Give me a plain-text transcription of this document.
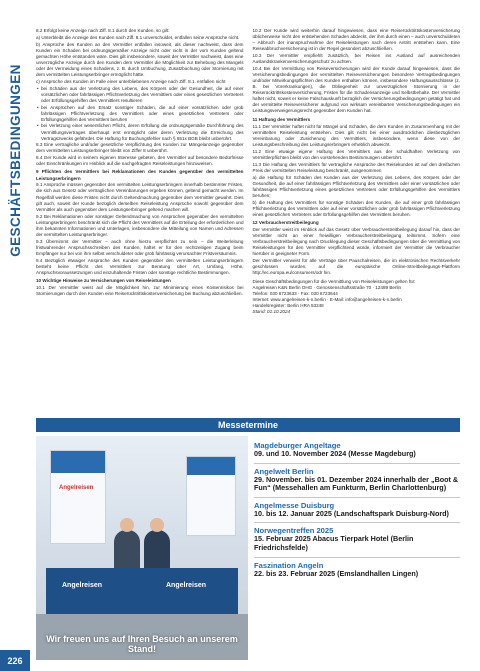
GESCHÄFTSBEDINGUNGEN

8.2 Erfolgt keine Anzeige nach Ziff. 8.1 durch den Kunden, so gilt:

a) Unterbleibt die Anzeige des Kunden nach Ziff. 8.1 unverschuldet, entfallen seine Ansprüche nicht.

b) Ansprüche des Kunden an den Vermittler entfallen insoweit, als dieser nachweist, dass dem Kunden ein Schaden bei ordnungsgemäßer Anzeige nicht oder nicht in der vom Kunden geltend gemachten Höhe entstanden wäre. Dies gilt insbesondere, soweit der Vermittler nachweist, dass eine unverzügliche Anzeige durch den Kunden dem Vermittler die Möglichkeit zur Behebung des Mangels oder der Vermeidung eines Schadens, z. B. durch Umbuchung, Zusatzbuchung oder Stornierung mit dem vermittelten Leistungserbringer ermöglicht hätte.

c) Ansprüche des Kunden im Falle einer unterbliebenen Anzeige nach Ziff. 8.1. entfallen nicht

• bei Schäden aus der Verletzung des Lebens, des Körpers oder der Gesundheit, die auf einer vorsätzlichen oder fahrlässigen Pflichtverletzung des Vermittlers oder eines gesetzlichen Vertreters oder Erfüllungsgehilfen des Vermittlers resultieren
• bei Ansprüchen auf den Ersatz sonstiger Schäden, die auf einer vorsätzlichen oder grob fahrlässigen Pflichtverletzung des Vermittlers oder eines gesetzlichen Vertreters oder Erfüllungsgehilfen des Vermittlers beruhen
• bei Verletzung einer wesentlichen Pflicht, deren Erfüllung die ordnungsgemäße Durchführung des Vermittlungsvertrages überhaupt erst ermöglicht oder deren Verletzung die Erreichung des Vertragszwecks gefährdet. Die Haftung für Buchungsfehler nach § 651x BGB bleibt unberührt.

8.3 Eine vertragliche und/oder gesetzliche Verpflichtung des Kunden zur Mängelanzeige gegenüber dem vermittelten Leistungserbringer bleibt von Ziffer 8 unberührt.

8.4 Der Kunde wird in seinem eigenen Interesse gebeten, den Vermittler auf besondere Bedürfnisse oder Einschränkungen im Hinblick auf die nachgefragten Reiseleistungen hinzuweisen.

9 Pflichten des Vermittlers bei Reklamationen des Kunden gegenüber den vermittelten Leistungserbringern

9.1 Ansprüche müssen gegenüber den vermittelten Leistungserbringern innerhalb bestimmter Fristen, die sich aus Gesetz oder vertraglichen Vereinbarungen ergeben können, geltend gemacht werden. Im Regelfall werden diese Fristen nicht durch Geltendmachung gegenüber dem Vermittler gewahrt. Dies gilt auch, soweit der Kunde bezüglich derselben Reiseleistung Ansprüche sowohl gegenüber dem Vermittler als auch gegenüber dem Leistungserbringer geltend machen will.

9.2 Bei Reklamationen oder sonstiger Geltendmachung von Ansprüchen gegenüber den vermittelten Leistungserbringern beschränkt sich die Pflicht des Vermittlers auf die Erteilung der erforderlichen und ihm bekannten Informationen und Unterlagen, insbesondere die Mitteilung von Namen und Adressen der vermittelten Leistungserbringer.

9.3 Übernimmt der Vermittler – auch ohne hierzu verpflichtet zu sein – die Weiterleitung fristwahrender Anspruchsschreiben des Kunden, haftet er für den rechtzeitigen Zugang beim Empfänger nur bei von ihm selbst verschuldeter oder grob fahrlässig verursachter Fristversäumnis.

9.4 Bezüglich etwaiger Ansprüche des Kunden gegenüber den vermittelten Leistungserbringern besteht keine Pflicht des Vermittlers zur Beratung über Art, Umfang, Höhe, Anspruchsvoraussetzungen und einzuhaltende Fristen oder sonstige rechtliche Bestimmungen.

10 Wichtige Hinweise zu Versicherungen von Reiseleistungen

10.1 Der Vermittler weist auf die Möglichkeit hin, zur Minimierung eines Kostenrisikos bei Stornierungen durch den Kunden eine Reiserücktrittskostenversicherung bei Buchung abzuschließen.

10.2 Der Kunde wird weiterhin darauf hingewiesen, dass eine Reiserücktrittskostenversicherung üblicherweise nicht den entstehenden Schaden abdeckt, der ihm durch einen – auch unverschuldeten – Abbruch der inanspruchnahme der Reiseleistungen nach deren Antritt entstehen kann. Eine Reiseabbruchversicherung ist in der Regel gesondert abzuschließen.

10.3 Der Vermittler empfiehlt zusätzlich, bei Reisen ins Ausland auf ausreichenden Auslandskrankenversicherungsschutz zu achten.

10.4 Bei der Vermittlung von Reiseversicherungen wird der Kunde darauf hingewiesen, dass die Versicherungsbedingungen der vermittelten Reiseversicherungen besondere Vertragsbedingungen und/oder Mitwirkungspflichten des Kunden enthalten können, insbesondere Haftungsausschlüsse (z. B. bei Vorerkrankungen), die Obliegenheit zur unverzüglichen Stornierung in der Reiserücktrittskostenversicherung, Fristen für die Schadensanzeige und Selbstbehalte. Der Vermittler haftet nicht, soweit er keine Falschauskunft bezüglich der Versicherungsbedingungen getätigt hat und der vermittelte Reiseversicherer aufgrund von wirksam vereinbarten Versicherungsbedingungen ein Leistungsverweigerungsrecht gegenüber dem Kunden hat.

11 Haftung des Vermittlers

11.1 Der Vermittler haftet nicht für Mängel und Schäden, die dem Kunden im Zusammenhang mit der vermittelten Reiseleistung entstehen. Dies gilt nicht bei einer ausdrücklichen diesbezüglichen Vereinbarung oder Zusicherung des Vermittlers, insbesondere, wenn diese von der Leistungsbeschreibung des Leistungserbringers erheblich abweicht.

11.2 Eine etwaige eigene Haftung des Vermittlers aus der schuldhaften Verletzung von Vermittlerpflichten bleibt von den vorstehenden Bestimmungen unberührt.

11.3 Die Haftung des Vermittlers für vertragliche Ansprüche des Reisekunden ist auf den dreifachen Preis der vermittelten Reiseleistung beschränkt, ausgenommen

a) die Haftung für Schäden des Kunden aus der Verletzung des Lebens, des Körpers oder der Gesundheit, die auf einer fahrlässigen Pflichtverletzung des Vermittlers oder einer vorsätzlichen oder fahrlässigen Pflichtverletzung eines gesetzlichen Vertreters oder Erfüllungsgehilfen des Vermittlers beruhen;

b) die Haftung des Vermittlers für sonstige Schäden des Kunden, die auf einer grob fahrlässigen Pflichtverletzung des Vermittlers oder auf einer vorsätzlichen oder grob fahrlässigen Pflichtverletzung eines gesetzlichen Vertreters oder Erfüllungsgehilfen des Vermittlers beruhen.

12 Verbraucherstreitbeilegung

Der Vermittler weist im Hinblick auf das Gesetz über Verbraucherstreitbeilegung darauf hin, dass der Vermittler nicht an einer freiwilligen Verbraucherstreitbeilegung teilnimmt. Sofern eine Verbraucherstreitbeilegung nach Drucklegung dieser Geschäftsbedingungen über die Vermittlung von Reiseleistungen für den Vermittler verpflichtend würde, informiert der Vermittler die Verbraucher hierüber in geeigneter Form.

Der Vermittler verweist für alle Verträge über Pauschalreisen, die im elektronischen Rechtsverkehr geschlossen wurden, auf die europäische Online-Streitbeilegungs-Plattform http://ec.europa.eu/consumers/odr hin.

Diese Geschäftsbedingungen für die Vermittlung von Reiseleistungen gelten für:

Angelreisen K&N Berlin OHG · Genossenschaftsstraße 70 · 12489 Berlin

Telefon: 030 6723633 · Fax: 030 6723644

Internet: www.angelreisen-k-n.berlin · E-Mail: info@angelreisen-k-n.berlin

Handelsregister: Berlin HRA 53248

Stand: 01.10.2024

Messetermine
Angelreisen
Angelreisen	Angelreisen
Wir freuen uns auf Ihren Besuch an unserem Stand!
Magdeburger Angeltage
09. und 10. November 2024 (Messe Magdeburg)
Angelwelt Berlin
29. November. bis 01. Dezember 2024 innerhalb der „Boot & Fun“ (Messehallen am Funkturm, Berlin Charlottenburg)
Angelmesse Duisburg
10. bis 12. Januar 2025 (Landschaftspark Duisburg-Nord)
Norwegentreffen 2025
15. Februar 2025 Abacus Tierpark Hotel (Berlin Friedrichsfelde)
Faszination Angeln
22. bis 23. Februar 2025 (Emslandhallen Lingen)
226
